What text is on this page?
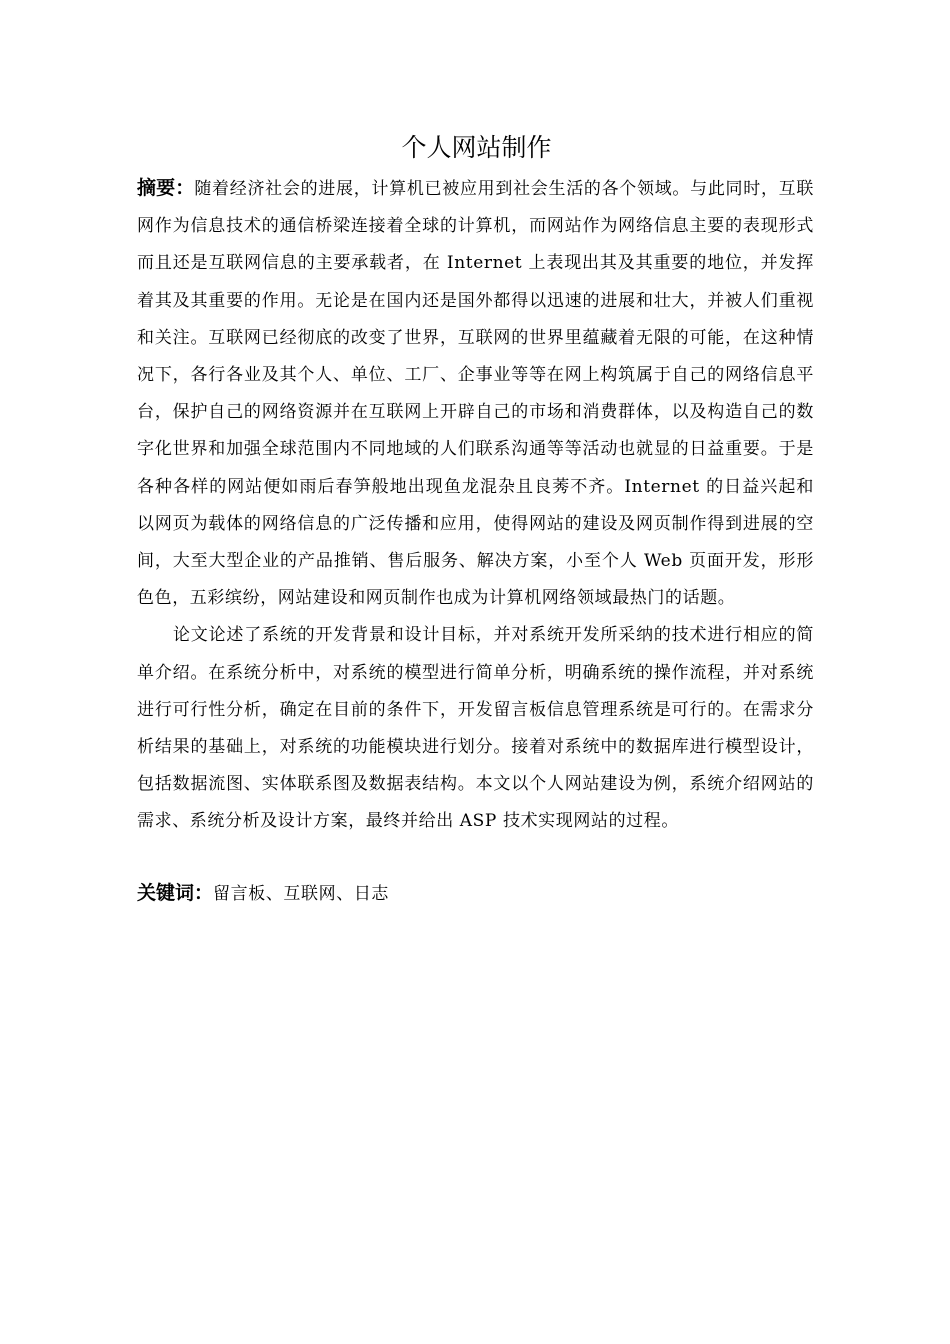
个人网站制作

摘要：随着经济社会的进展，计算机已被应用到社会生活的各个领域。与此同时，互联网作为信息技术的通信桥梁连接着全球的计算机，而网站作为网络信息主要的表现形式而且还是互联网信息的主要承载者，在 Internet 上表现出其及其重要的地位，并发挥着其及其重要的作用。无论是在国内还是国外都得以迅速的进展和壮大，并被人们重视和关注。互联网已经彻底的改变了世界，互联网的世界里蕴藏着无限的可能，在这种情况下，各行各业及其个人、单位、工厂、企事业等等在网上构筑属于自己的网络信息平台，保护自己的网络资源并在互联网上开辟自己的市场和消费群体，以及构造自己的数字化世界和加强全球范围内不同地域的人们联系沟通等等活动也就显的日益重要。于是各种各样的网站便如雨后春笋般地出现鱼龙混杂且良莠不齐。Internet 的日益兴起和以网页为载体的网络信息的广泛传播和应用，使得网站的建设及网页制作得到进展的空间，大至大型企业的产品推销、售后服务、解决方案，小至个人 Web 页面开发，形形色色，五彩缤纷，网站建设和网页制作也成为计算机网络领域最热门的话题。

论文论述了系统的开发背景和设计目标，并对系统开发所采纳的技术进行相应的简单介绍。在系统分析中，对系统的模型进行简单分析，明确系统的操作流程，并对系统进行可行性分析，确定在目前的条件下，开发留言板信息管理系统是可行的。在需求分析结果的基础上，对系统的功能模块进行划分。接着对系统中的数据库进行模型设计，包括数据流图、实体联系图及数据表结构。本文以个人网站建设为例，系统介绍网站的需求、系统分析及设计方案，最终并给出 ASP 技术实现网站的过程。

关键词：留言板、互联网、日志
